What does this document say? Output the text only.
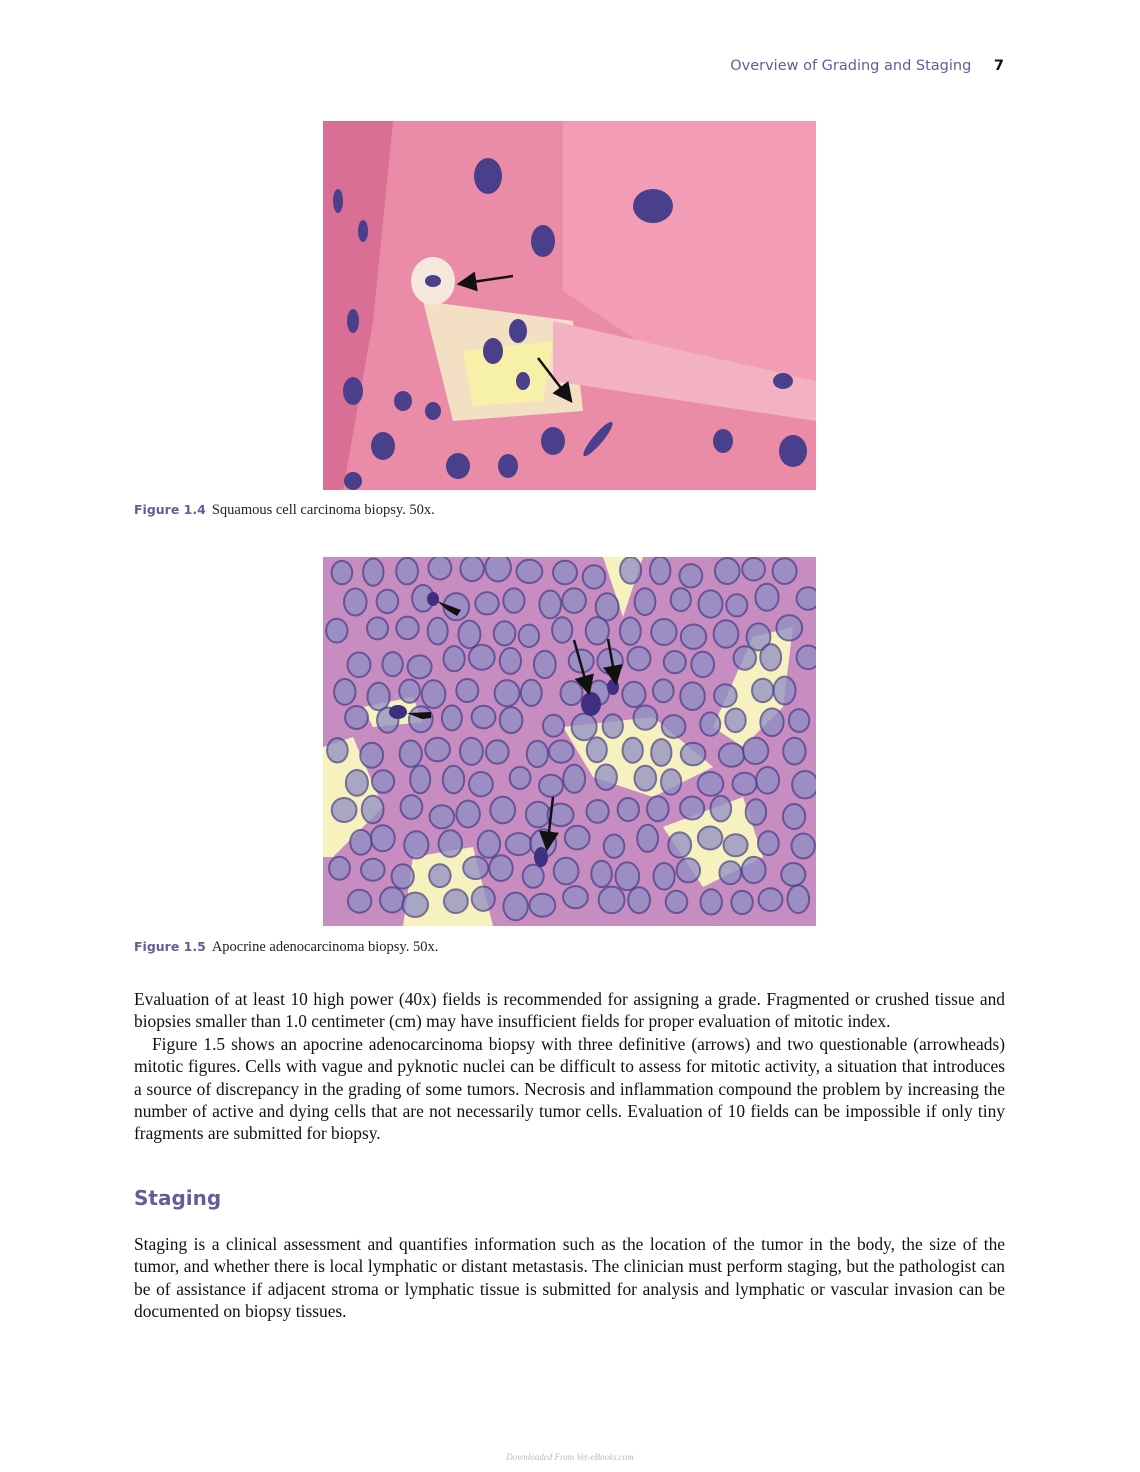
Overview of Grading and Staging 7
Figure 1.4 Squamous cell carcinoma biopsy. 50x.
Figure 1.5 Apocrine adenocarcinoma biopsy. 50x.

Evaluation of at least 10 high power (40x) fields is recommended for assigning a grade. Fragmented or crushed tissue and biopsies smaller than 1.0 centimeter (cm) may have insufficient fields for proper evaluation of mitotic index.

Figure 1.5 shows an apocrine adenocarcinoma biopsy with three definitive (arrows) and two questionable (arrowheads) mitotic figures. Cells with vague and pyknotic nuclei can be difficult to assess for mitotic activity, a situation that introduces a source of discrepancy in the grading of some tumors. Necrosis and inflammation compound the problem by increasing the number of active and dying cells that are not necessarily tumor cells. Evaluation of 10 fields can be impossible if only tiny fragments are submitted for biopsy.

Staging

Staging is a clinical assessment and quantifies information such as the location of the tumor in the body, the size of the tumor, and whether there is local lymphatic or distant metastasis. The clinician must perform staging, but the pathologist can be of assistance if adjacent stroma or lymphatic tissue is submitted for analysis and lymphatic or vascular invasion can be documented on biopsy tissues.

Downloaded From Vet-eBooks.com
